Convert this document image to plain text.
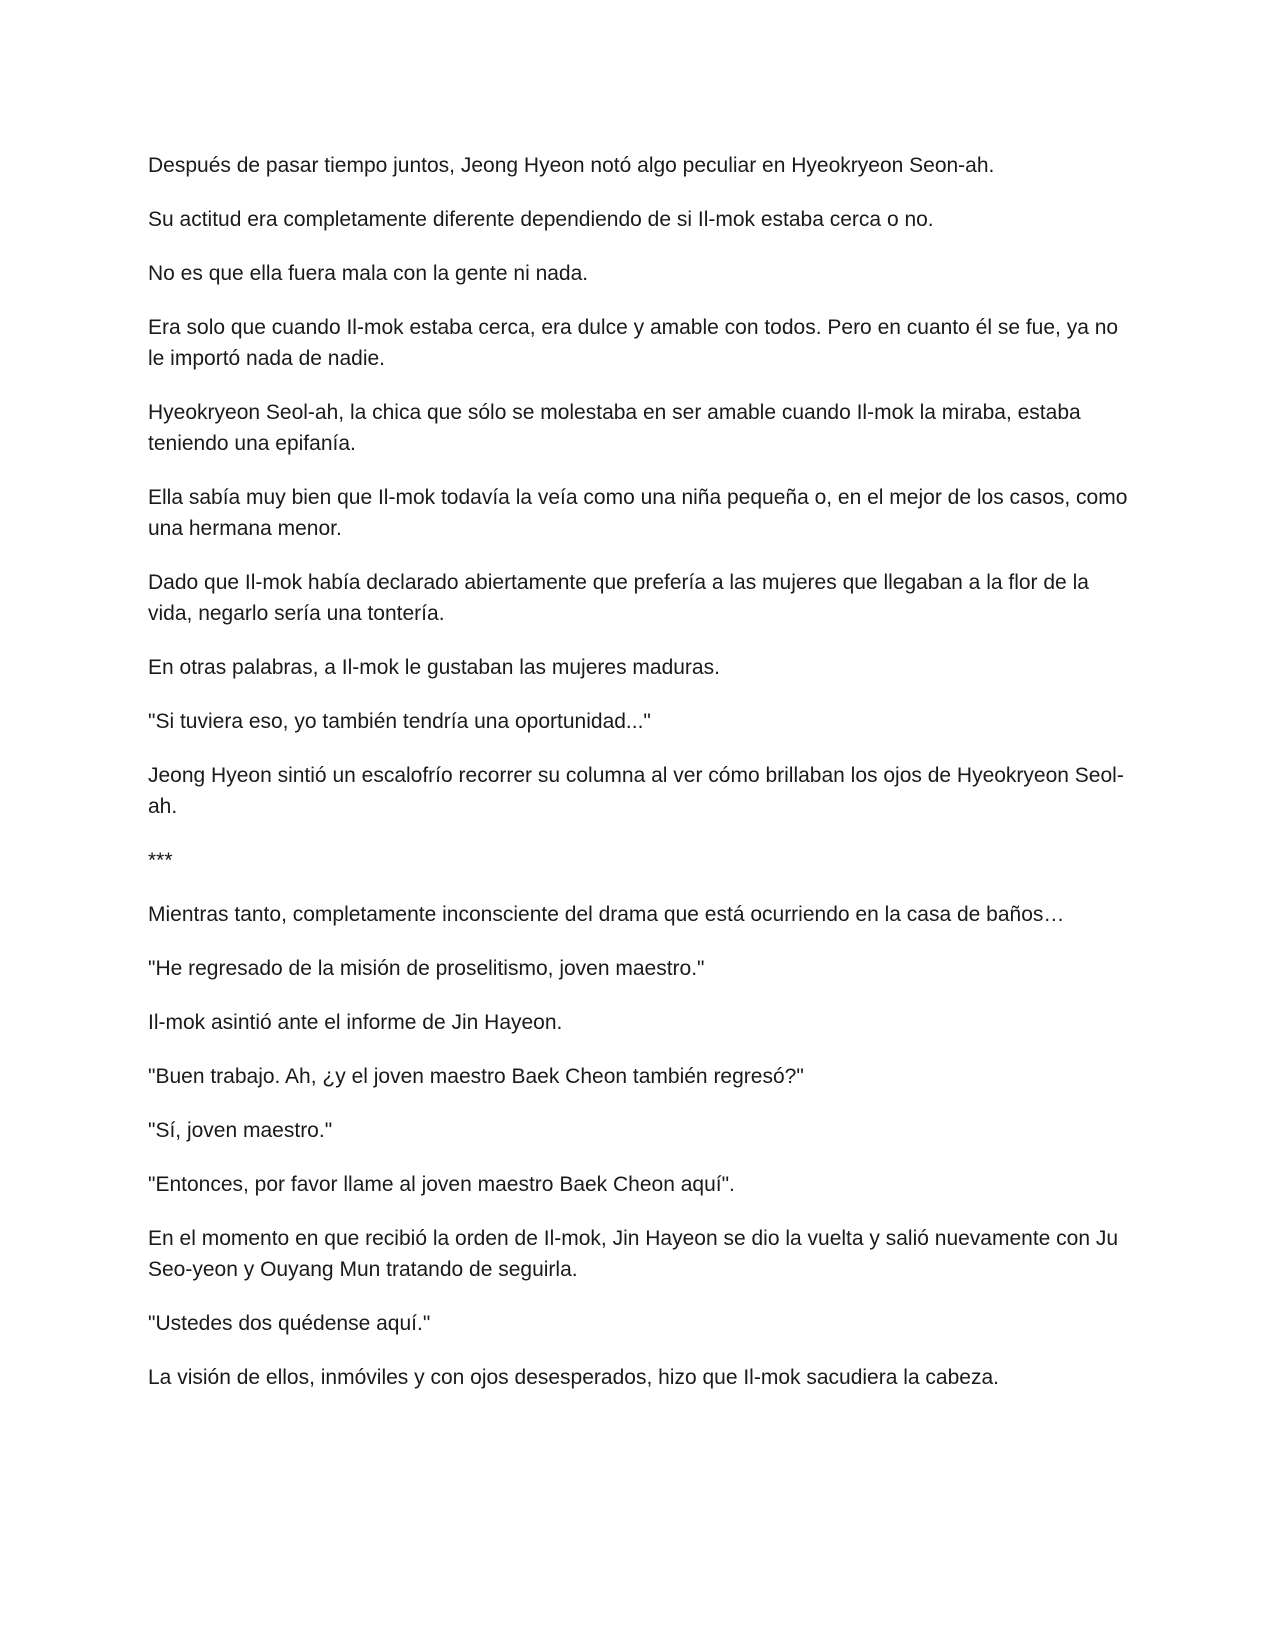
Después de pasar tiempo juntos, Jeong Hyeon notó algo peculiar en Hyeokryeon Seon-ah.

Su actitud era completamente diferente dependiendo de si Il-mok estaba cerca o no.

No es que ella fuera mala con la gente ni nada.

Era solo que cuando Il-mok estaba cerca, era dulce y amable con todos. Pero en cuanto él se fue, ya no le importó nada de nadie.

Hyeokryeon Seol-ah, la chica que sólo se molestaba en ser amable cuando Il-mok la miraba, estaba teniendo una epifanía.

Ella sabía muy bien que Il-mok todavía la veía como una niña pequeña o, en el mejor de los casos, como una hermana menor.

Dado que Il-mok había declarado abiertamente que prefería a las mujeres que llegaban a la flor de la vida, negarlo sería una tontería.

En otras palabras, a Il-mok le gustaban las mujeres maduras.

"Si tuviera eso, yo también tendría una oportunidad..."

Jeong Hyeon sintió un escalofrío recorrer su columna al ver cómo brillaban los ojos de Hyeokryeon Seol-ah.

***

Mientras tanto, completamente inconsciente del drama que está ocurriendo en la casa de baños…

"He regresado de la misión de proselitismo, joven maestro."

Il-mok asintió ante el informe de Jin Hayeon.

"Buen trabajo. Ah, ¿y el joven maestro Baek Cheon también regresó?"

"Sí, joven maestro."

"Entonces, por favor llame al joven maestro Baek Cheon aquí".

En el momento en que recibió la orden de Il-mok, Jin Hayeon se dio la vuelta y salió nuevamente con Ju Seo-yeon y Ouyang Mun tratando de seguirla.

"Ustedes dos quédense aquí."

La visión de ellos, inmóviles y con ojos desesperados, hizo que Il-mok sacudiera la cabeza.
